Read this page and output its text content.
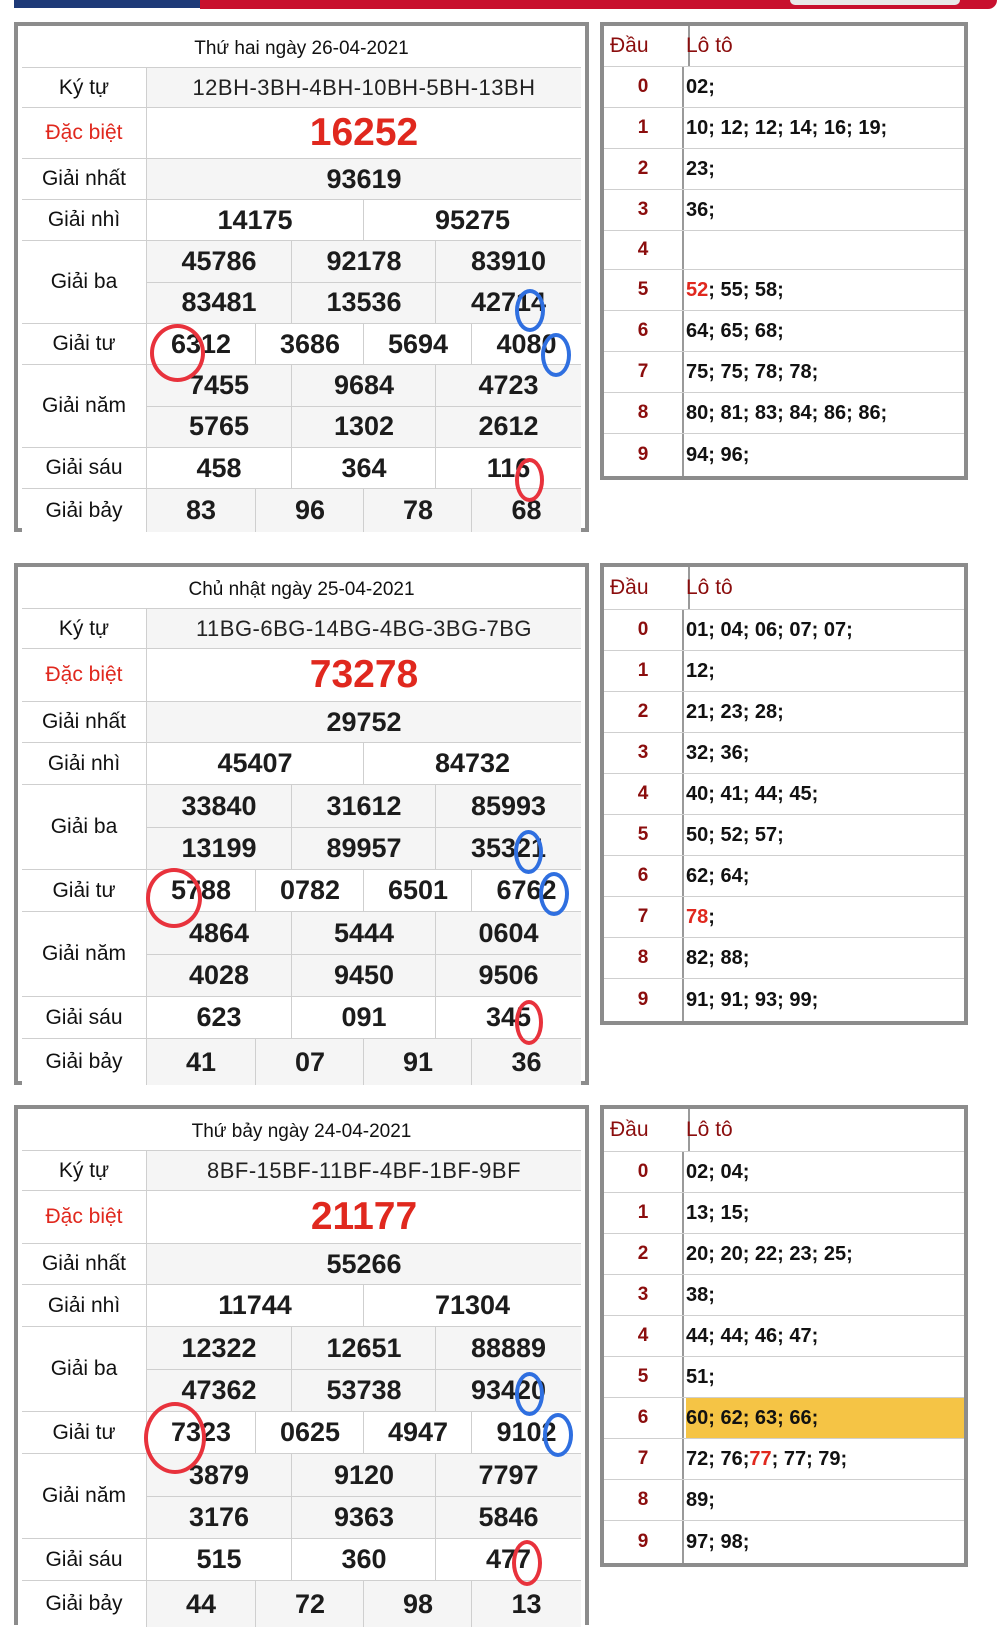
Thứ hai ngày 26-04-2021
Ký tự	12BH-3BH-4BH-10BH-5BH-13BH
Đặc biệt	16252
Giải nhất	93619
Giải nhì	14175	95275
Giải ba
45786	92178	83910
83481	13536	42714
Giải tư	6312	3686	5694	4080
Giải năm
7455	9684	4723
5765	1302	2612
Giải sáu	458	364	116
Giải bảy	83	96	78	68
Đầu	Lô tô
0	02;
1	10; 12; 12; 14; 16; 19;
2	23;
3	36;
4
5	52 ; 55; 58;
6	64; 65; 68;
7	75; 75; 78; 78;
8	80; 81; 83; 84; 86; 86;
9	94; 96;
Chủ nhật ngày 25-04-2021
Ký tự	11BG-6BG-14BG-4BG-3BG-7BG
Đặc biệt	73278
Giải nhất	29752
Giải nhì	45407	84732
Giải ba
33840	31612	85993
13199	89957	35321
Giải tư	5788	0782	6501	6762
Giải năm
4864	5444	0604
4028	9450	9506
Giải sáu	623	091	345
Giải bảy	41	07	91	36
Đầu	Lô tô
0	01; 04; 06; 07; 07;
1	12;
2	21; 23; 28;
3	32; 36;
4	40; 41; 44; 45;
5	50; 52; 57;
6	62; 64;
7	78 ;
8	82; 88;
9	91; 91; 93; 99;
Thứ bảy ngày 24-04-2021
Ký tự	8BF-15BF-11BF-4BF-1BF-9BF
Đặc biệt	21177
Giải nhất	55266
Giải nhì	11744	71304
Giải ba
12322	12651	88889
47362	53738	93420
Giải tư	7323	0625	4947	9102
Giải năm
3879	9120	7797
3176	9363	5846
Giải sáu	515	360	477
Giải bảy	44	72	98	13
Đầu	Lô tô
0	02; 04;
1	13; 15;
2	20; 20; 22; 23; 25;
3	38;
4	44; 44; 46; 47;
5	51;
6	60; 62; 63; 66;
7	72; 76; 77 ; 77; 79;
8	89;
9	97; 98;
